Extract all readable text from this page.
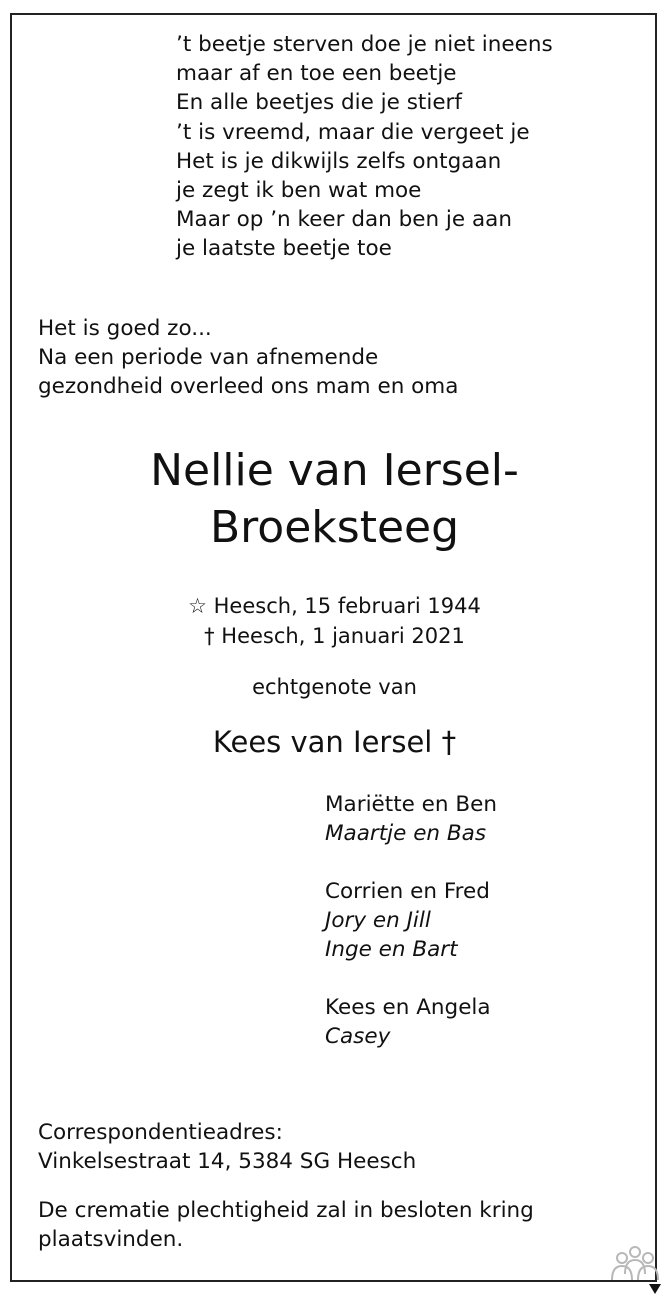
’t beetje sterven doe je niet ineens
maar af en toe een beetje
En alle beetjes die je stierf
’t is vreemd, maar die vergeet je
Het is je dikwijls zelfs ontgaan
je zegt ik ben wat moe
Maar op ’n keer dan ben je aan
je laatste beetje toe
Het is goed zo...
Na een periode van afnemende
gezondheid overleed ons mam en oma
Nellie van Iersel-
Broeksteeg
☆ Heesch, 15 februari 1944
† Heesch, 1 januari 2021
echtgenote van
Kees van Iersel †
Mariëtte en Ben
Maartje en Bas
Corrien en Fred
Jory en Jill
Inge en Bart
Kees en Angela
Casey
Correspondentieadres:
Vinkelsestraat 14, 5384 SG Heesch
De crematie plechtigheid zal in besloten kring plaatsvinden.
